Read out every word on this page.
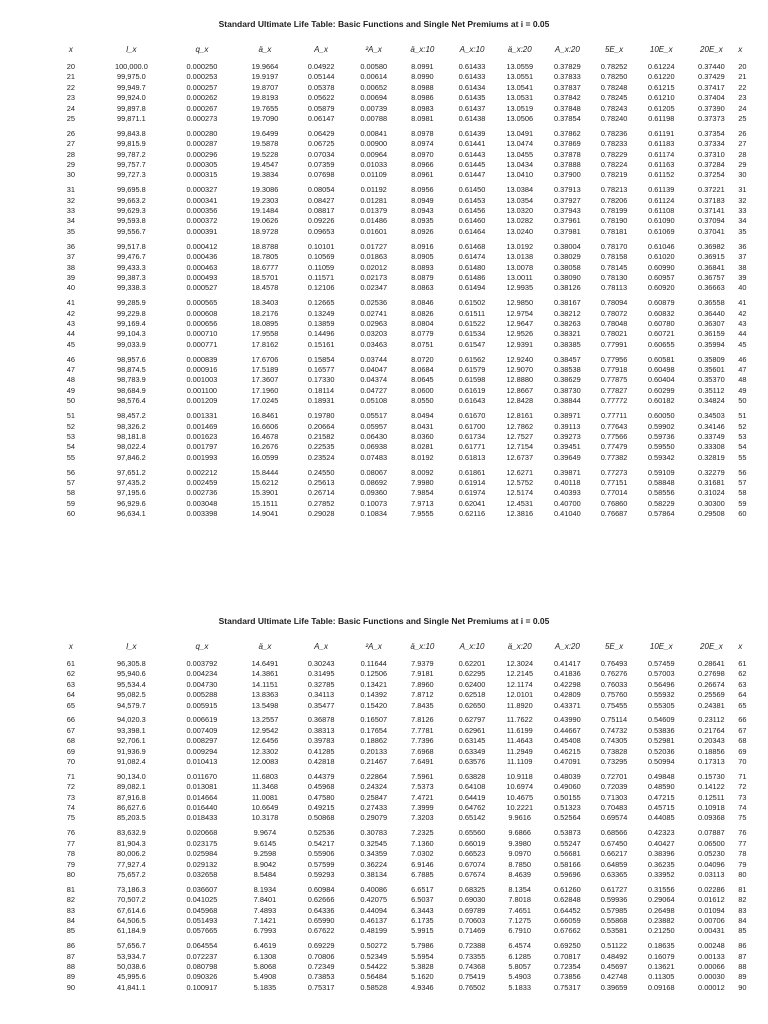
Standard Ultimate Life Table: Basic Functions and Single Net Premiums at i = 0.05
x	l_x	q_x	ä_x	A_x	²A_x	ä_x:10	A_x:10	ä_x:20	A_x:20	5E_x	10E_x	20E_x	x
20	100,000.0	0.000250	19.9664	0.04922	0.00580	8.0991	0.61433	13.0559	0.37829	0.78252	0.61224	0.37440	20
21	99,975.0	0.000253	19.9197	0.05144	0.00614	8.0990	0.61433	13.0551	0.37833	0.78250	0.61220	0.37429	21
22	99,949.7	0.000257	19.8707	0.05378	0.00652	8.0988	0.61434	13.0541	0.37837	0.78248	0.61215	0.37417	22
23	99,924.0	0.000262	19.8193	0.05622	0.00694	8.0986	0.61435	13.0531	0.37842	0.78245	0.61210	0.37404	23
24	99,897.8	0.000267	19.7655	0.05879	0.00739	8.0983	0.61437	13.0519	0.37848	0.78243	0.61205	0.37390	24
25	99,871.1	0.000273	19.7090	0.06147	0.00788	8.0981	0.61438	13.0506	0.37854	0.78240	0.61198	0.37373	25
26	99,843.8	0.000280	19.6499	0.06429	0.00841	8.0978	0.61439	13.0491	0.37862	0.78236	0.61191	0.37354	26
27	99,815.9	0.000287	19.5878	0.06725	0.00900	8.0974	0.61441	13.0474	0.37869	0.78233	0.61183	0.37334	27
28	99,787.2	0.000296	19.5228	0.07034	0.00964	8.0970	0.61443	13.0455	0.37878	0.78229	0.61174	0.37310	28
29	99,757.7	0.000305	19.4547	0.07359	0.01033	8.0966	0.61445	13.0434	0.37888	0.78224	0.61163	0.37284	29
30	99,727.3	0.000315	19.3834	0.07698	0.01109	8.0961	0.61447	13.0410	0.37900	0.78219	0.61152	0.37254	30
31	99,695.8	0.000327	19.3086	0.08054	0.01192	8.0956	0.61450	13.0384	0.37913	0.78213	0.61139	0.37221	31
32	99,663.2	0.000341	19.2303	0.08427	0.01281	8.0949	0.61453	13.0354	0.37927	0.78206	0.61124	0.37183	32
33	99,629.3	0.000356	19.1484	0.08817	0.01379	8.0943	0.61456	13.0320	0.37943	0.78199	0.61108	0.37141	33
34	99,593.8	0.000372	19.0626	0.09226	0.01486	8.0935	0.61460	13.0282	0.37961	0.78190	0.61090	0.37094	34
35	99,556.7	0.000391	18.9728	0.09653	0.01601	8.0926	0.61464	13.0240	0.37981	0.78181	0.61069	0.37041	35
36	99,517.8	0.000412	18.8788	0.10101	0.01727	8.0916	0.61468	13.0192	0.38004	0.78170	0.61046	0.36982	36
37	99,476.7	0.000436	18.7805	0.10569	0.01863	8.0905	0.61474	13.0138	0.38029	0.78158	0.61020	0.36915	37
38	99,433.3	0.000463	18.6777	0.11059	0.02012	8.0893	0.61480	13.0078	0.38058	0.78145	0.60990	0.36841	38
39	99,387.3	0.000493	18.5701	0.11571	0.02173	8.0879	0.61486	13.0011	0.38090	0.78130	0.60957	0.36757	39
40	99,338.3	0.000527	18.4578	0.12106	0.02347	8.0863	0.61494	12.9935	0.38126	0.78113	0.60920	0.36663	40
41	99,285.9	0.000565	18.3403	0.12665	0.02536	8.0846	0.61502	12.9850	0.38167	0.78094	0.60879	0.36558	41
42	99,229.8	0.000608	18.2176	0.13249	0.02741	8.0826	0.61511	12.9754	0.38212	0.78072	0.60832	0.36440	42
43	99,169.4	0.000656	18.0895	0.13859	0.02963	8.0804	0.61522	12.9647	0.38263	0.78048	0.60780	0.36307	43
44	99,104.3	0.000710	17.9558	0.14496	0.03203	8.0779	0.61534	12.9526	0.38321	0.78021	0.60721	0.36159	44
45	99,033.9	0.000771	17.8162	0.15161	0.03463	8.0751	0.61547	12.9391	0.38385	0.77991	0.60655	0.35994	45
46	98,957.6	0.000839	17.6706	0.15854	0.03744	8.0720	0.61562	12.9240	0.38457	0.77956	0.60581	0.35809	46
47	98,874.5	0.000916	17.5189	0.16577	0.04047	8.0684	0.61579	12.9070	0.38538	0.77918	0.60498	0.35601	47
48	98,783.9	0.001003	17.3607	0.17330	0.04374	8.0645	0.61598	12.8880	0.38629	0.77875	0.60404	0.35370	48
49	98,684.9	0.001100	17.1960	0.18114	0.04727	8.0600	0.61619	12.8667	0.38730	0.77827	0.60299	0.35112	49
50	98,576.4	0.001209	17.0245	0.18931	0.05108	8.0550	0.61643	12.8428	0.38844	0.77772	0.60182	0.34824	50
51	98,457.2	0.001331	16.8461	0.19780	0.05517	8.0494	0.61670	12.8161	0.38971	0.77711	0.60050	0.34503	51
52	98,326.2	0.001469	16.6606	0.20664	0.05957	8.0431	0.61700	12.7862	0.39113	0.77643	0.59902	0.34146	52
53	98,181.8	0.001623	16.4678	0.21582	0.06430	8.0360	0.61734	12.7527	0.39273	0.77566	0.59736	0.33749	53
54	98,022.4	0.001797	16.2676	0.22535	0.06938	8.0281	0.61771	12.7154	0.39451	0.77479	0.59550	0.33308	54
55	97,846.2	0.001993	16.0599	0.23524	0.07483	8.0192	0.61813	12.6737	0.39649	0.77382	0.59342	0.32819	55
56	97,651.2	0.002212	15.8444	0.24550	0.08067	8.0092	0.61861	12.6271	0.39871	0.77273	0.59109	0.32279	56
57	97,435.2	0.002459	15.6212	0.25613	0.08692	7.9980	0.61914	12.5752	0.40118	0.77151	0.58848	0.31681	57
58	97,195.6	0.002736	15.3901	0.26714	0.09360	7.9854	0.61974	12.5174	0.40393	0.77014	0.58556	0.31024	58
59	96,929.6	0.003048	15.1511	0.27852	0.10073	7.9713	0.62041	12.4531	0.40700	0.76860	0.58229	0.30300	59
60	96,634.1	0.003398	14.9041	0.29028	0.10834	7.9555	0.62116	12.3816	0.41040	0.76687	0.57864	0.29508	60
Standard Ultimate Life Table: Basic Functions and Single Net Premiums at i = 0.05
x	l_x	q_x	ä_x	A_x	²A_x	ä_x:10	A_x:10	ä_x:20	A_x:20	5E_x	10E_x	20E_x	x
61	96,305.8	0.003792	14.6491	0.30243	0.11644	7.9379	0.62201	12.3024	0.41417	0.76493	0.57459	0.28641	61
62	95,940.6	0.004234	14.3861	0.31495	0.12506	7.9181	0.62295	12.2145	0.41836	0.76276	0.57003	0.27698	62
63	95,534.4	0.004730	14.1151	0.32785	0.13421	7.8960	0.62400	12.1174	0.42298	0.76033	0.56496	0.26674	63
64	95,082.5	0.005288	13.8363	0.34113	0.14392	7.8712	0.62518	12.0101	0.42809	0.75760	0.55932	0.25569	64
65	94,579.7	0.005915	13.5498	0.35477	0.15420	7.8435	0.62650	11.8920	0.43371	0.75455	0.55305	0.24381	65
66	94,020.3	0.006619	13.2557	0.36878	0.16507	7.8126	0.62797	11.7622	0.43990	0.75114	0.54609	0.23112	66
67	93,398.1	0.007409	12.9542	0.38313	0.17654	7.7781	0.62961	11.6199	0.44667	0.74732	0.53836	0.21764	67
68	92,706.1	0.008297	12.6456	0.39783	0.18862	7.7396	0.63145	11.4643	0.45408	0.74305	0.52981	0.20343	68
69	91,936.9	0.009294	12.3302	0.41285	0.20133	7.6968	0.63349	11.2949	0.46215	0.73828	0.52036	0.18856	69
70	91,082.4	0.010413	12.0083	0.42818	0.21467	7.6491	0.63576	11.1109	0.47091	0.73295	0.50994	0.17313	70
71	90,134.0	0.011670	11.6803	0.44379	0.22864	7.5961	0.63828	10.9118	0.48039	0.72701	0.49848	0.15730	71
72	89,082.1	0.013081	11.3468	0.45968	0.24324	7.5373	0.64108	10.6974	0.49060	0.72039	0.48590	0.14122	72
73	87,916.8	0.014664	11.0081	0.47580	0.25847	7.4721	0.64419	10.4675	0.50155	0.71303	0.47215	0.12511	73
74	86,627.6	0.016440	10.6649	0.49215	0.27433	7.3999	0.64762	10.2221	0.51323	0.70483	0.45715	0.10918	74
75	85,203.5	0.018433	10.3178	0.50868	0.29079	7.3203	0.65142	9.9616	0.52564	0.69574	0.44085	0.09368	75
76	83,632.9	0.020668	9.9674	0.52536	0.30783	7.2325	0.65560	9.6866	0.53873	0.68566	0.42323	0.07887	76
77	81,904.3	0.023175	9.6145	0.54217	0.32545	7.1360	0.66019	9.3980	0.55247	0.67450	0.40427	0.06500	77
78	80,006.2	0.025984	9.2598	0.55906	0.34359	7.0302	0.66523	9.0970	0.56681	0.66217	0.38396	0.05230	78
79	77,927.4	0.029132	8.9042	0.57599	0.36224	6.9146	0.67074	8.7850	0.58166	0.64859	0.36235	0.04096	79
80	75,657.2	0.032658	8.5484	0.59293	0.38134	6.7885	0.67674	8.4639	0.59696	0.63365	0.33952	0.03113	80
81	73,186.3	0.036607	8.1934	0.60984	0.40086	6.6517	0.68325	8.1354	0.61260	0.61727	0.31556	0.02286	81
82	70,507.2	0.041025	7.8401	0.62666	0.42075	6.5037	0.69030	7.8018	0.62848	0.59936	0.29064	0.01612	82
83	67,614.6	0.045968	7.4893	0.64336	0.44094	6.3443	0.69789	7.4651	0.64452	0.57985	0.26498	0.01094	83
84	64,506.5	0.051493	7.1421	0.65990	0.46137	6.1735	0.70603	7.1275	0.66059	0.55868	0.23882	0.00706	84
85	61,184.9	0.057665	6.7993	0.67622	0.48199	5.9915	0.71469	6.7910	0.67662	0.53581	0.21250	0.00431	85
86	57,656.7	0.064554	6.4619	0.69229	0.50272	5.7986	0.72388	6.4574	0.69250	0.51122	0.18635	0.00248	86
87	53,934.7	0.072237	6.1308	0.70806	0.52349	5.5954	0.73355	6.1285	0.70817	0.48492	0.16079	0.00133	87
88	50,038.6	0.080798	5.8068	0.72349	0.54422	5.3828	0.74368	5.8057	0.72354	0.45697	0.13621	0.00066	88
89	45,995.6	0.090326	5.4908	0.73853	0.56484	5.1620	0.75419	5.4903	0.73856	0.42748	0.11305	0.00030	89
90	41,841.1	0.100917	5.1835	0.75317	0.58528	4.9346	0.76502	5.1833	0.75317	0.39659	0.09168	0.00012	90
